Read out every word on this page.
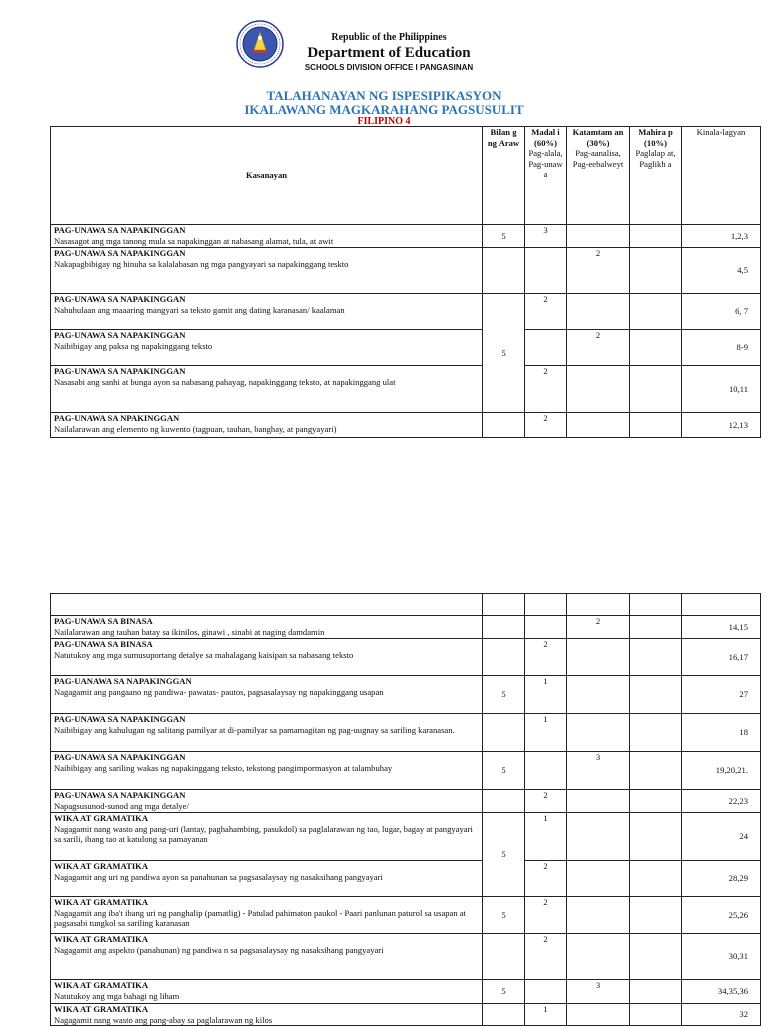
Republic of the Philippines
Department of Education
SCHOOLS DIVISION OFFICE I PANGASINAN
TALAHANAYAN NG ISPESIPIKASYON
IKALAWANG MAGKARAHANG PAGSUSULIT
FILIPINO 4
Kasanayan	Bilan g ng Araw	Madal i (60%)
Pag-alala, Pag-unaw a	Katamtam an (30%)
Pag-aanalisa, Pag-eebalweyt	Mahira p (10%)
Paglalap at, Paglikh a	Kinala-lagyan

PAG-UNAWA SA NAPAKINGGAN
Nasasagot ang mga tanong mula sa napakinggan at nabasang alamat, tula, at awit	5	3			1,2,3

PAG-UNAWA SA NAPAKINGGAN
Nakapagbibigay ng hinuha sa kalalabasan ng mga pangyayari sa napakinggang teskto			2		4,5

PAG-UNAWA SA NAPAKINGGAN
Nahuhulaan ang maaaring mangyari sa teksto gamit ang dating karanasan/ kaalaman	5	2			6, 7

PAG-UNAWA SA NAPAKINGGAN
Naibibigay ang paksa ng napakinggang teksto			2		8-9

PAG-UNAWA SA NAPAKINGGAN
Nasasabi ang sanhi at bunga ayon sa nabasang pahayag, napakinggang teksto, at napakinggang ulat		2			10,11

PAG-UNAWA SA NPAKINGGAN
Nailalarawan ang elemento ng kuwento (tagpuan, tauhan, banghay, at pangyayari)		2			12,13

PAG-UNAWA SA BINASA
Nailalarawan ang tauhan batay sa ikinilos, ginawi , sinabi at naging damdamin			2		14,15

PAG-UNAWA SA BINASA
Natutukoy ang mga sumusuportang detalye sa mahalagang kaisipan sa nabasang teksto		2			16,17

PAG-UANAWA SA NAPAKINGGAN
Nagagamit ang pangaano ng pandiwa- pawatas- pautos, pagsasalaysay ng napakinggang usapan	5	1			27

PAG-UNAWA SA NAPAKINGGAN
Naibibigay ang kahulugan ng salitang pamilyar at di-pamilyar sa pamamagitan ng pag-uugnay sa sariling karanasan.		1			18

PAG-UNAWA SA NAPAKINGGAN
Naibibigay ang sariling wakas ng napakinggang teksto, tekstong pangimpormasyon at talambuhay	5		3		19,20,21.

PAG-UNAWA SA NAPAKINGGAN
Napagsusunod-sunod ang mga detalye/		2			22,23

WIKA AT GRAMATIKA
Nagagamit nang wasto ang pang-uri (lantay, paghahambing, pasukdol) sa paglalarawan ng tao, lugar, bagay at pangyayari sa sarili, ibang tao at katulong sa pamayanan	5	1			24

WIKA AT GRAMATIKA
Nagagamit ang uri ng pandiwa ayon sa panahunan sa pagsasalaysay ng nasaksihang pangyayari		2			28,29

WIKA AT GRAMATIKA
Nagagamit ang iba't ibang uri ng panghalip (pamatlig) - Patulad pahimaton paukol - Paari panlunan paturol sa usapan at pagsasabi tungkol sa sariling karanasan	5	2			25,26

WIKA AT GRAMATIKA
Nagagamit ang aspekto (panahunan) ng pandiwa n sa pagsasalaysay ng nasaksihang pangyayari		2			30,31

WIKA AT GRAMATIKA
Natutukoy ang mga bahagi ng liham	5		3		34,35,36

WIKA AT GRAMATIKA
Nagagamit nang wasto ang pang-abay sa paglalarawan ng kilos		1			32
